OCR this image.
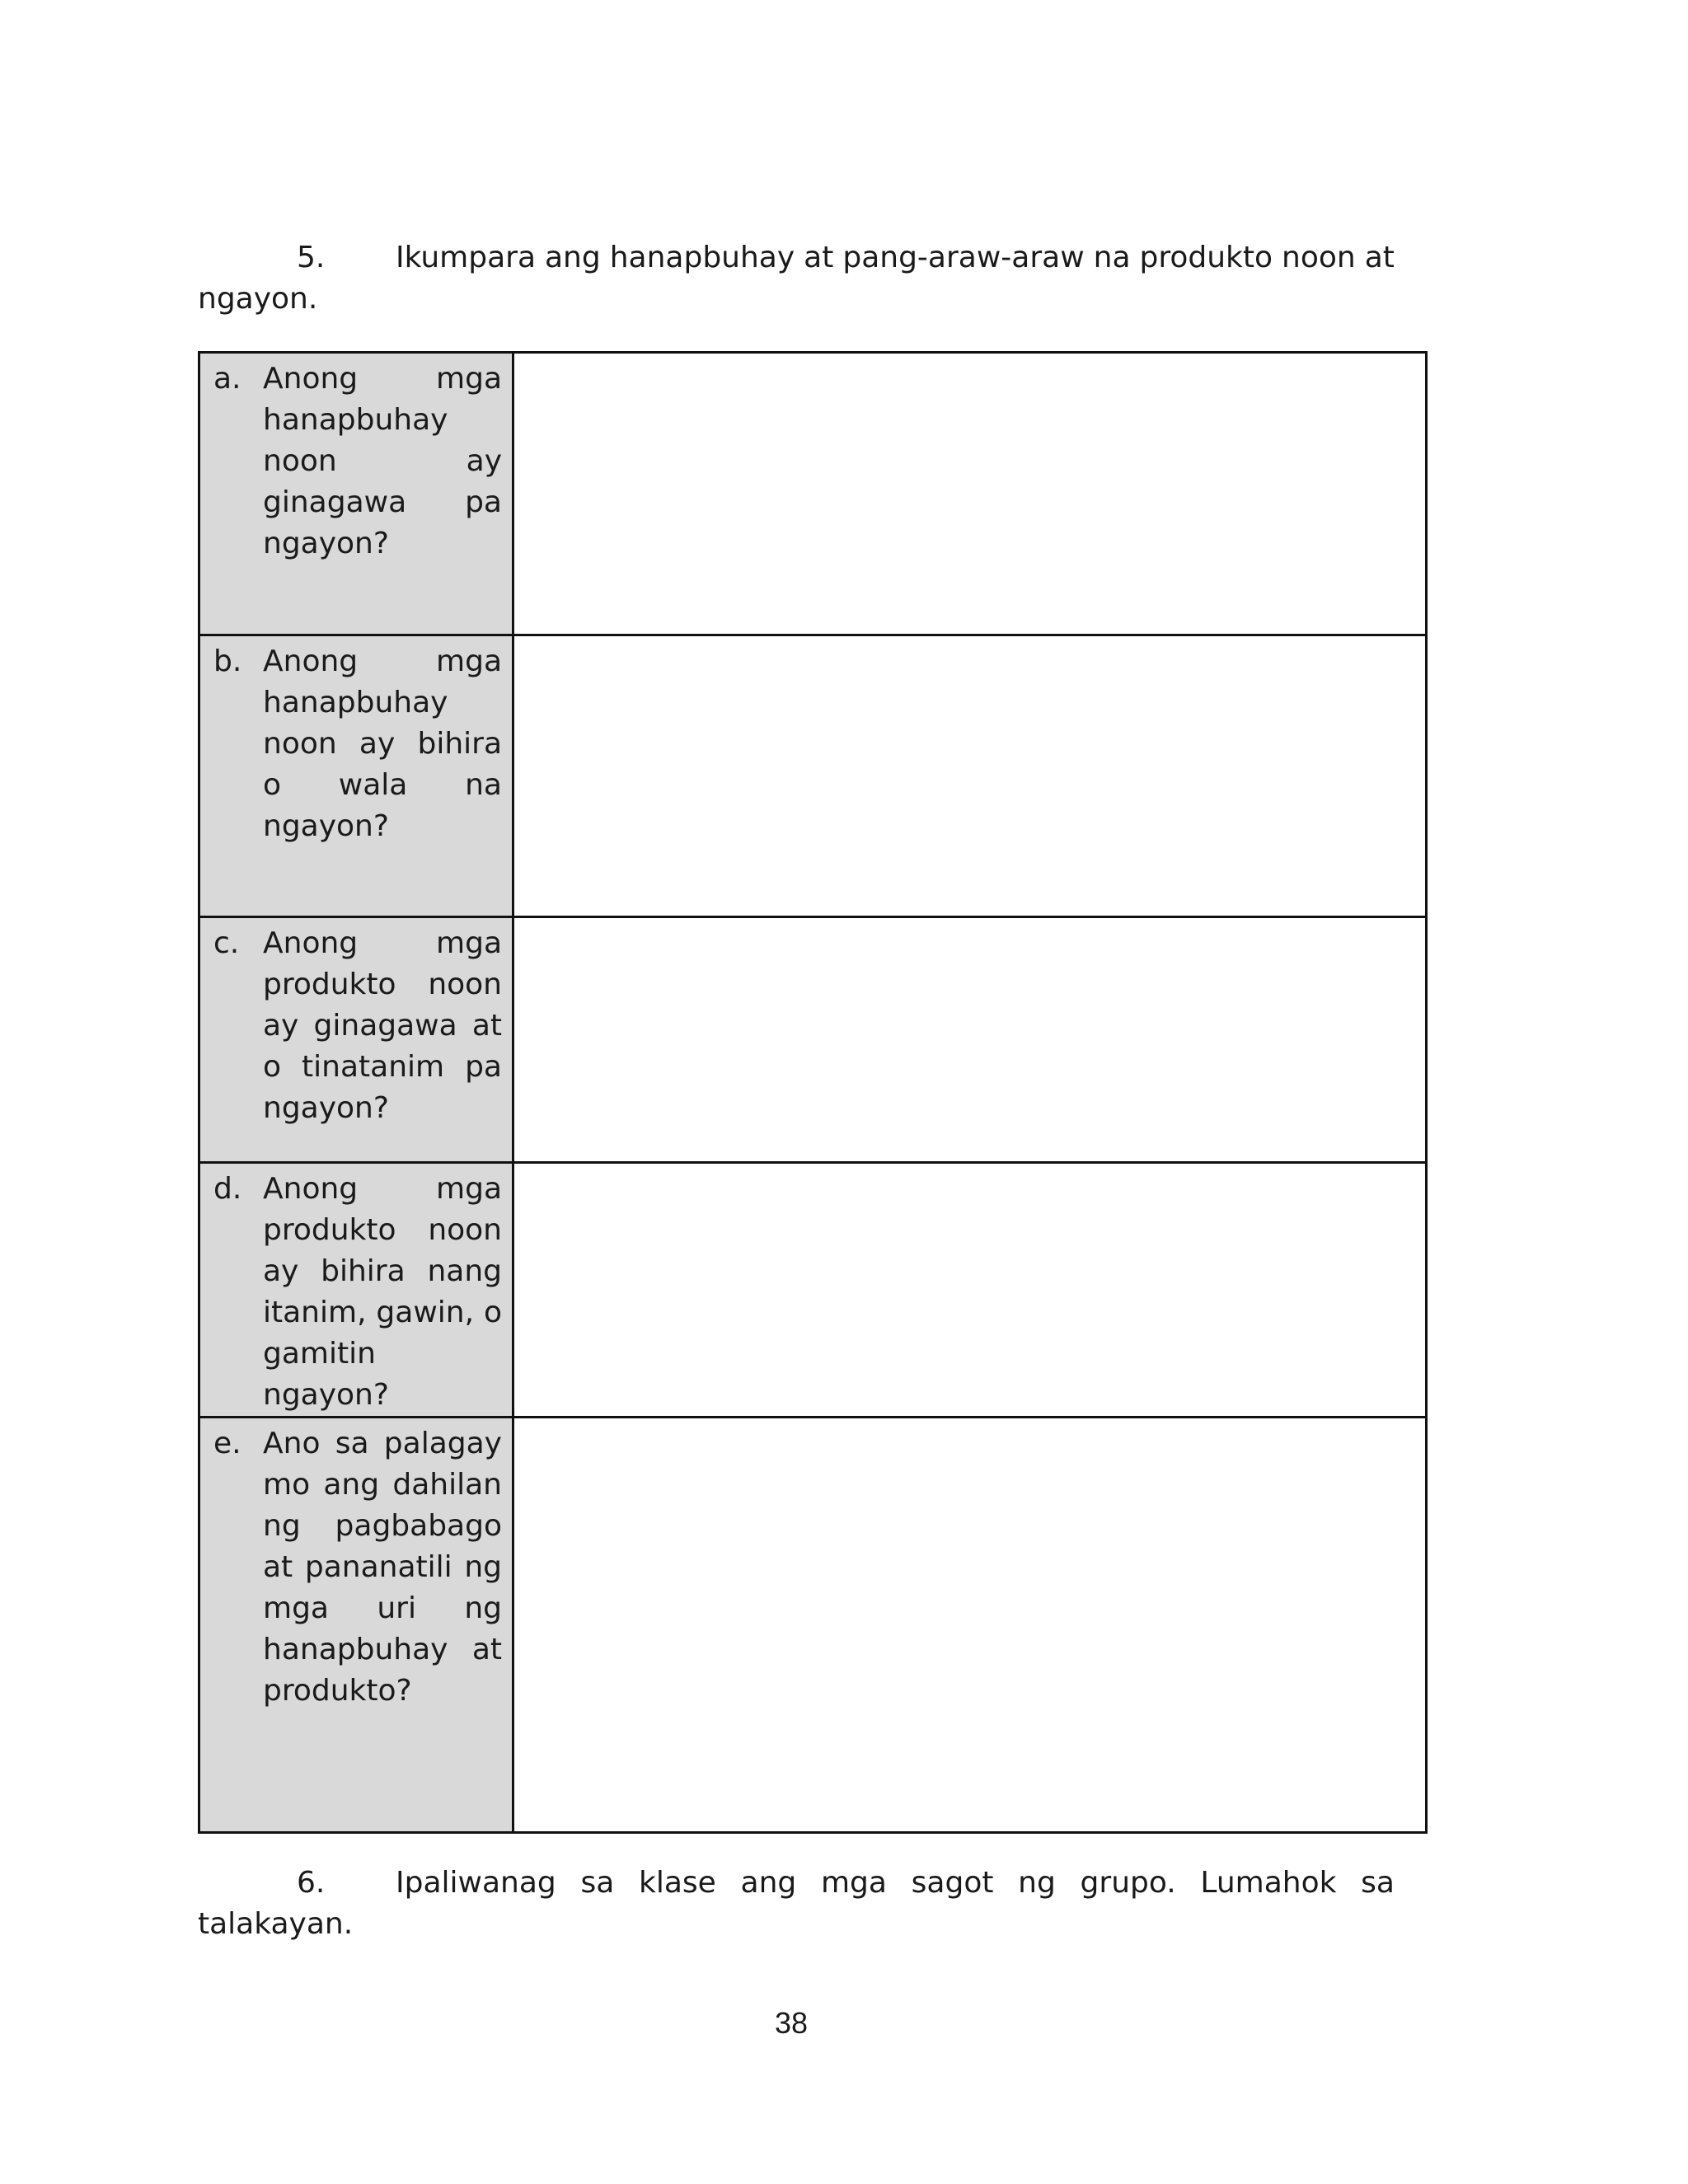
5.	Ikumpara ang hanapbuhay at pang-araw-araw na produkto noon at
ngayon.
a. Anong mga hanapbuhay noon ay ginagawa pa ngayon?	

b. Anong mga hanapbuhay noon ay bihira o wala na ngayon?	

c. Anong mga produkto noon ay ginagawa at o tinatanim pa ngayon?	

d. Anong mga produkto noon ay bihira nang itanim, gawin, o gamitin ngayon?	

e. Ano sa palagay mo ang dahilan ng pagbabago at pananatili ng mga uri ng hanapbuhay at produkto?	

6.	Ipaliwanag sa klase ang mga sagot ng grupo. Lumahok sa
talakayan.
38
